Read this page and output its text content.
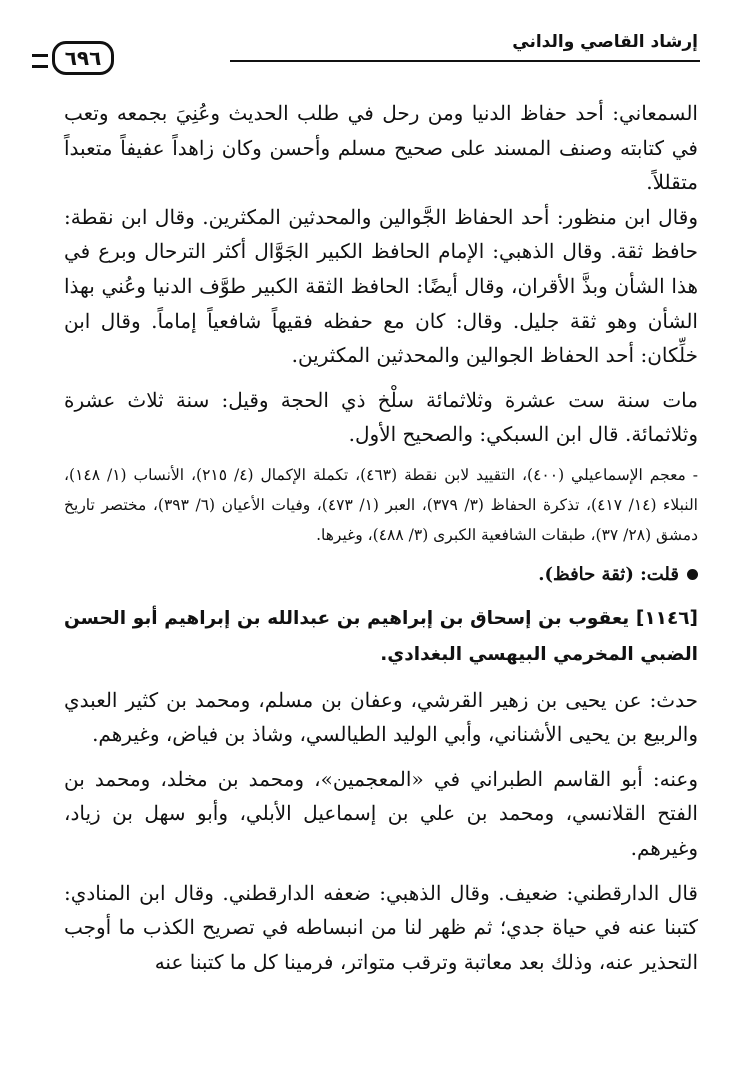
إرشاد القاصي والداني
٦٩٦

السمعاني: أحد حفاظ الدنيا ومن رحل في طلب الحديث وعُنِيَ بجمعه وتعب في كتابته وصنف المسند على صحيح مسلم وأحسن وكان زاهداً عفيفاً متعبداً متقللاً.

وقال ابن منظور: أحد الحفاظ الجَّوالين والمحدثين المكثرين. وقال ابن نقطة: حافظ ثقة. وقال الذهبي: الإمام الحافظ الكبير الجَوَّال أكثر الترحال وبرع في هذا الشأن وبذَّ الأقران، وقال أيضًا: الحافظ الثقة الكبير طوَّف الدنيا وعُني بهذا الشأن وهو ثقة جليل. وقال: كان مع حفظه فقيهاً شافعياً إماماً. وقال ابن خلِّكان: أحد الحفاظ الجوالين والمحدثين المكثرين.

مات سنة ست عشرة وثلاثمائة سلْخ ذي الحجة وقيل: سنة ثلاث عشرة وثلاثمائة. قال ابن السبكي: والصحيح الأول.

- معجم الإسماعيلي (٤٠٠)، التقييد لابن نقطة (٤٦٣)، تكملة الإكمال (٤/ ٢١٥)، الأنساب (١/ ١٤٨)، النبلاء (١٤/ ٤١٧)، تذكرة الحفاظ (٣/ ٣٧٩)، العبر (١/ ٤٧٣)، وفيات الأعيان (٦/ ٣٩٣)، مختصر تاريخ دمشق (٢٨/ ٣٧)، طبقات الشافعية الكبرى (٣/ ٤٨٨)، وغيرها.

قلت: (ثقة حافظ).

[١١٤٦] يعقوب بن إسحاق بن إبراهيم بن عبدالله بن إبراهيم أبو الحسن الضبي المخرمي البيهسي البغدادي.

حدث: عن يحيى بن زهير القرشي، وعفان بن مسلم، ومحمد بن كثير العبدي والربيع بن يحيى الأشناني، وأبي الوليد الطيالسي، وشاذ بن فياض، وغيرهم.

وعنه: أبو القاسم الطبراني في «المعجمين»، ومحمد بن مخلد، ومحمد بن الفتح القلانسي، ومحمد بن علي بن إسماعيل الأبلي، وأبو سهل بن زياد، وغيرهم.

قال الدارقطني: ضعيف. وقال الذهبي: ضعفه الدارقطني. وقال ابن المنادي: كتبنا عنه في حياة جدي؛ ثم ظهر لنا من انبساطه في تصريح الكذب ما أوجب التحذير عنه، وذلك بعد معاتبة وترقب متواتر، فرمينا كل ما كتبنا عنه
